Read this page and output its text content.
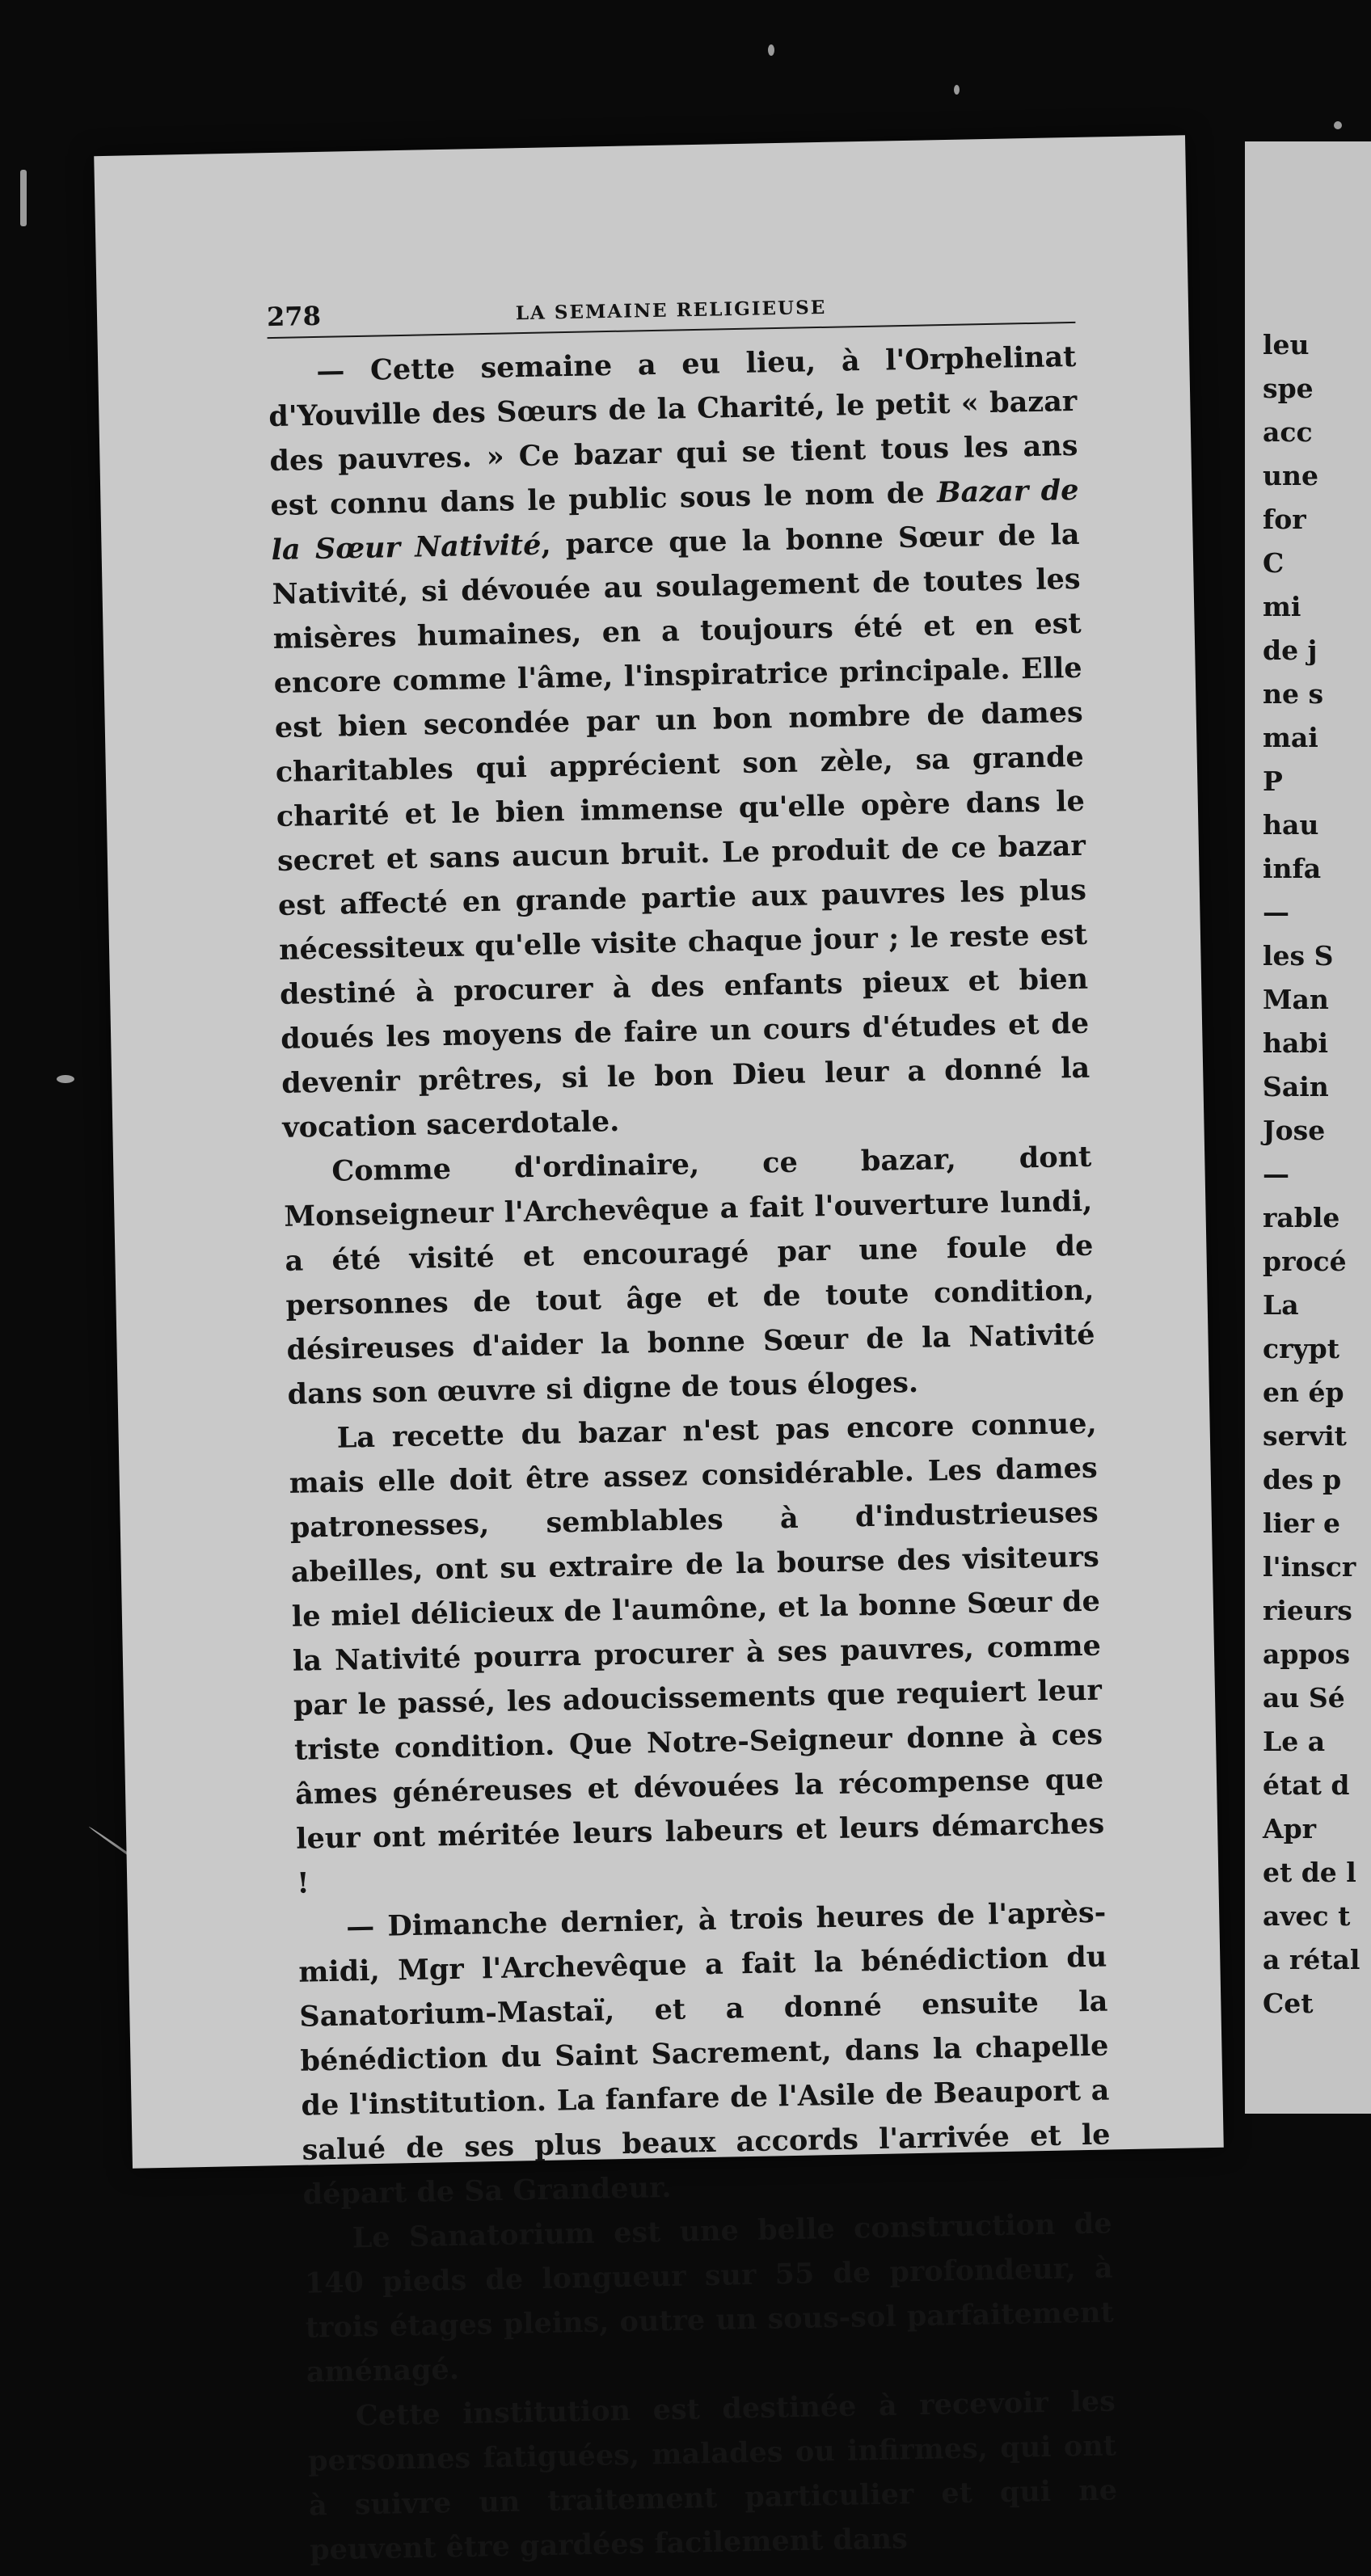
278	LA SEMAINE RELIGIEUSE

— Cette semaine a eu lieu, à l'Orphelinat d'Youville des Sœurs de la Charité, le petit « bazar des pauvres. » Ce bazar qui se tient tous les ans est connu dans le public sous le nom de Bazar de la Sœur Nativité, parce que la bonne Sœur de la Nativité, si dévouée au soulagement de toutes les misères humaines, en a toujours été et en est encore comme l'âme, l'inspiratrice principale. Elle est bien secondée par un bon nombre de dames charitables qui apprécient son zèle, sa grande charité et le bien immense qu'elle opère dans le secret et sans aucun bruit. Le produit de ce bazar est affecté en grande partie aux pauvres les plus nécessiteux qu'elle visite chaque jour ; le reste est destiné à procurer à des enfants pieux et bien doués les moyens de faire un cours d'études et de devenir prêtres, si le bon Dieu leur a donné la vocation sacerdotale.

Comme d'ordinaire, ce bazar, dont Monseigneur l'Archevêque a fait l'ouverture lundi, a été visité et encouragé par une foule de personnes de tout âge et de toute condition, désireuses d'aider la bonne Sœur de la Nativité dans son œuvre si digne de tous éloges.

La recette du bazar n'est pas encore connue, mais elle doit être assez considérable. Les dames patronesses, semblables à d'industrieuses abeilles, ont su extraire de la bourse des visiteurs le miel délicieux de l'aumône, et la bonne Sœur de la Nativité pourra procurer à ses pauvres, comme par le passé, les adoucissements que requiert leur triste condition. Que Notre-Seigneur donne à ces âmes généreuses et dévouées la récompense que leur ont méritée leurs labeurs et leurs démarches !

— Dimanche dernier, à trois heures de l'après-midi, Mgr l'Archevêque a fait la bénédiction du Sanatorium-Mastaï, et a donné ensuite la bénédiction du Saint Sacrement, dans la chapelle de l'institution. La fanfare de l'Asile de Beauport a salué de ses plus beaux accords l'arrivée et le départ de Sa Grandeur.

Le Sanatorium est une belle construction de 140 pieds de longueur sur 55 de profondeur, à trois étages pleins, outre un sous-sol parfaitement aménagé.

Cette institution est destinée à recevoir les personnes fatiguées, malades ou infirmes, qui ont à suivre un traitement particulier et qui ne peuvent être gardées facilement dans

leu
spe
acc
une
for
C
mi
de j
ne s
mai
P
hau
infa
—
les S
Man
habi
Sain
Jose
—
rable
procé
La
crypt
en ép
servit
des p
lier e
l'inscr
rieurs
appos
au Sé
Le a
état d
Apr
et de l
avec t
a rétal
Cet
